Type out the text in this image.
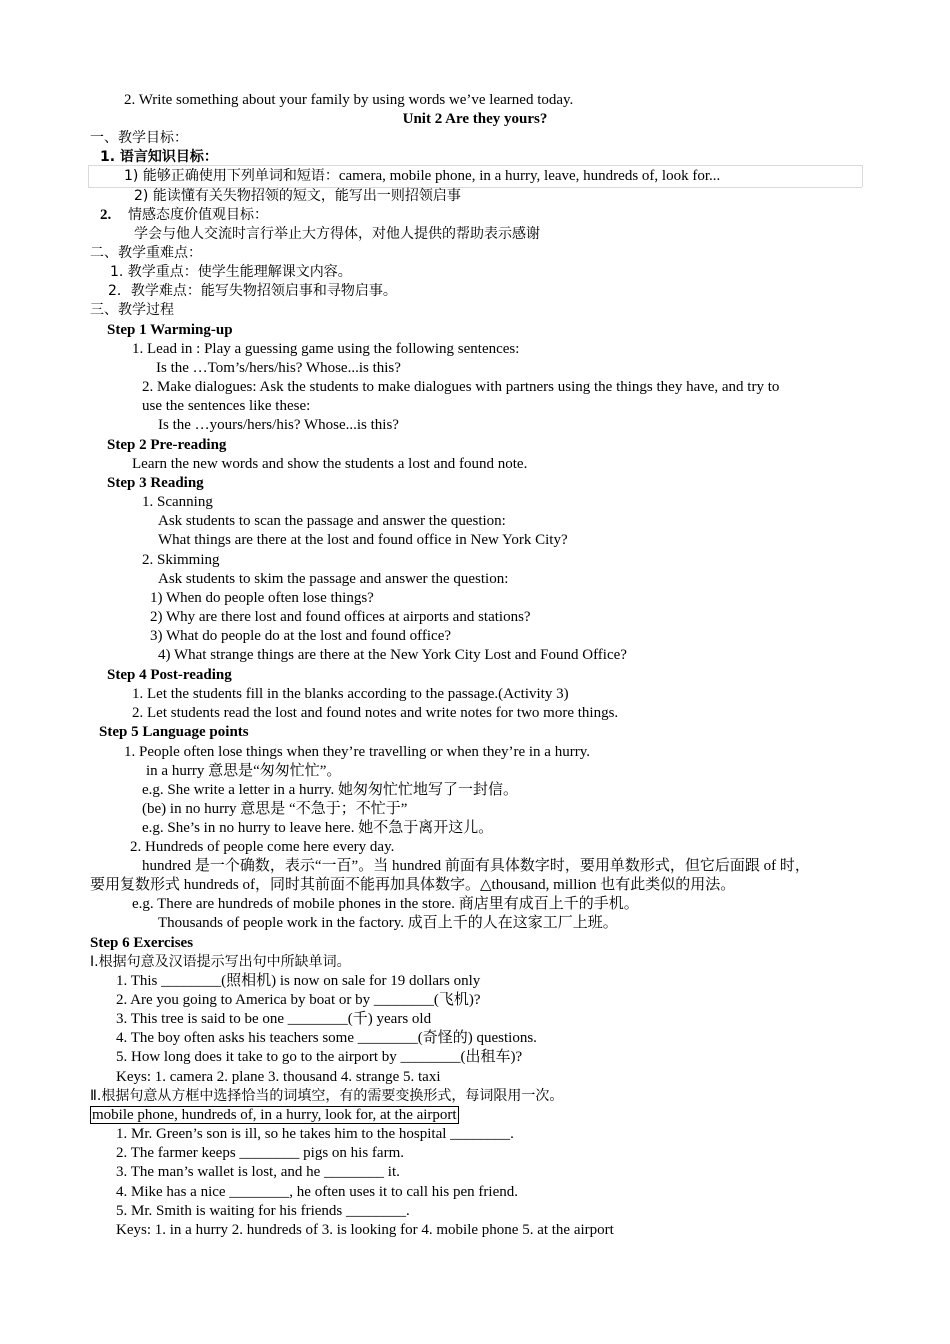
2. Write something about your family by using words we’ve learned today.
Unit 2 Are they yours?
一、教学目标：
1. 语言知识目标：
1) 能够正确使用下列单词和短语：camera, mobile phone, in a hurry, leave, hundreds of, look for...
2) 能读懂有关失物招领的短文，能写出一则招领启事
2. 情感态度价值观目标：
学会与他人交流时言行举止大方得体，对他人提供的帮助表示感谢
二、教学重难点：
1. 教学重点：使学生能理解课文内容。
2．教学难点：能写失物招领启事和寻物启事。
三、教学过程
Step 1 Warming-up
1. Lead in : Play a guessing game using the following sentences:
Is the …Tom’s/hers/his? Whose...is this?
2. Make dialogues: Ask the students to make dialogues with partners using the things they have, and try to
use the sentences like these:
Is the …yours/hers/his? Whose...is this?
Step 2 Pre-reading
Learn the new words and show the students a lost and found note.
Step 3 Reading
1. Scanning
Ask students to scan the passage and answer the question:
What things are there at the lost and found office in New York City?
2. Skimming
Ask students to skim the passage and answer the question:
1) When do people often lose things?
2) Why are there lost and found offices at airports and stations?
3) What do people do at the lost and found office?
4) What strange things are there at the New York City Lost and Found Office?
Step 4 Post-reading
1. Let the students fill in the blanks according to the passage.(Activity 3)
2. Let students read the lost and found notes and write notes for two more things.
Step 5 Language points
1. People often lose things when they’re travelling or when they’re in a hurry.
in a hurry 意思是“匆匆忙忙”。
e.g. She write a letter in a hurry. 她匆匆忙忙地写了一封信。
(be) in no hurry 意思是 “不急于；不忙于”
e.g. She’s in no hurry to leave here. 她不急于离开这儿。
2. Hundreds of people come here every day.
hundred 是一个确数，表示“一百”。当 hundred 前面有具体数字时，要用单数形式，但它后面跟 of 时，
要用复数形式 hundreds of，同时其前面不能再加具体数字。△thousand, million 也有此类似的用法。
e.g. There are hundreds of mobile phones in the store. 商店里有成百上千的手机。
Thousands of people work in the factory. 成百上千的人在这家工厂上班。
Step 6 Exercises
Ⅰ.根据句意及汉语提示写出句中所缺单词。
1. This ________(照相机) is now on sale for 19 dollars only
2. Are you going to America by boat or by ________(飞机)?
3. This tree is said to be one ________(千) years old
4. The boy often asks his teachers some ________(奇怪的) questions.
5. How long does it take to go to the airport by ________(出租车)?
Keys: 1. camera 2. plane 3. thousand 4. strange 5. taxi
Ⅱ.根据句意从方框中选择恰当的词填空，有的需要变换形式，每词限用一次。
mobile phone, hundreds of, in a hurry, look for, at the airport
1. Mr. Green’s son is ill, so he takes him to the hospital ________.
2. The farmer keeps ________ pigs on his farm.
3. The man’s wallet is lost, and he ________ it.
4. Mike has a nice ________, he often uses it to call his pen friend.
5. Mr. Smith is waiting for his friends ________.
Keys: 1. in a hurry 2. hundreds of 3. is looking for 4. mobile phone 5. at the airport
